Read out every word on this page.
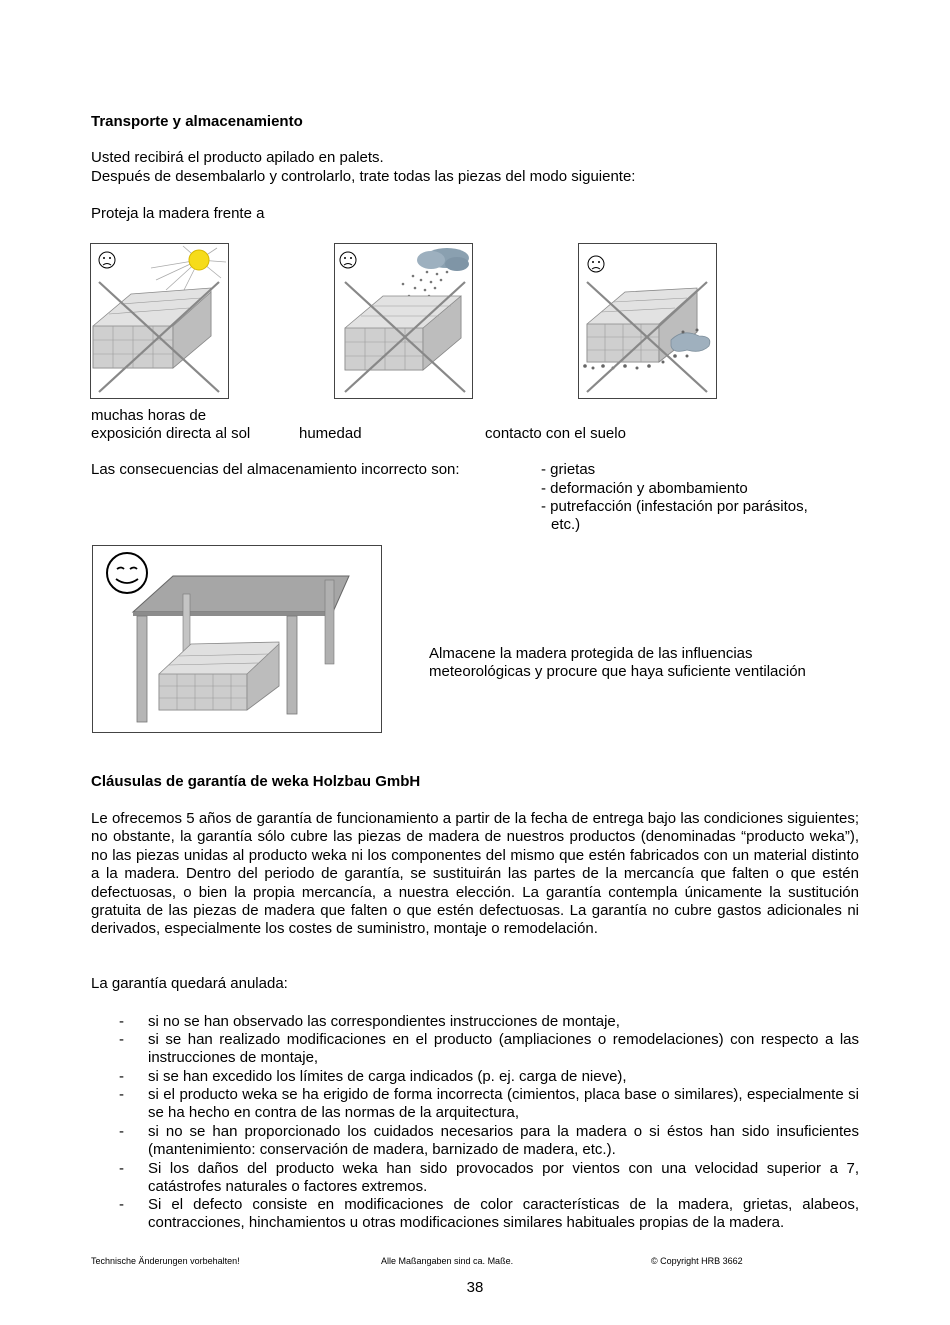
Transporte y almacenamiento
Usted recibirá el producto apilado en palets.
Después de desembalarlo y controlarlo, trate todas las piezas del modo siguiente:
Proteja la madera frente a
muchas horas de
exposición directa al sol	humedad	contacto con el suelo
Las consecuencias del almacenamiento incorrecto son:	- grietas
- deformación y abombamiento
- putrefacción (infestación por parásitos,
etc.)
Almacene la madera protegida de las influencias
meteorológicas y procure que haya suficiente ventilación
Cláusulas de garantía de weka Holzbau GmbH
Le ofrecemos 5 años de garantía de funcionamiento a partir de la fecha de entrega bajo las condiciones siguientes; no obstante, la garantía sólo cubre las piezas de madera de nuestros productos (denominadas “producto weka”), no las piezas unidas al producto weka ni los componentes del mismo que estén fabricados con un material distinto a la madera. Dentro del periodo de garantía, se sustituirán las partes de la mercancía que falten o que estén defectuosas, o bien la propia mercancía, a nuestra elección. La garantía contempla únicamente la sustitución gratuita de las piezas de madera que falten o que estén defectuosas. La garantía no cubre gastos adicionales ni derivados, especialmente los costes de suministro, montaje o remodelación.
La garantía quedará anulada:
- si no se han observado las correspondientes instrucciones de montaje,
- si se han realizado modificaciones en el producto (ampliaciones o remodelaciones) con respecto a las instrucciones de montaje,
- si se han excedido los límites de carga indicados (p. ej. carga de nieve),
- si el producto weka se ha erigido de forma incorrecta (cimientos, placa base o similares), especialmente si se ha hecho en contra de las normas de la arquitectura,
- si no se han proporcionado los cuidados necesarios para la madera o si éstos han sido insuficientes (mantenimiento: conservación de madera, barnizado de madera, etc.).
- Si los daños del producto weka han sido provocados por vientos con una velocidad superior a 7, catástrofes naturales o factores extremos.
- Si el defecto consiste en modificaciones de color características de la madera, grietas, alabeos, contracciones, hinchamientos u otras modificaciones similares habituales propias de la madera.
Technische Änderungen vorbehalten!	Alle Maßangaben sind ca. Maße.	© Copyright HRB 3662
38
